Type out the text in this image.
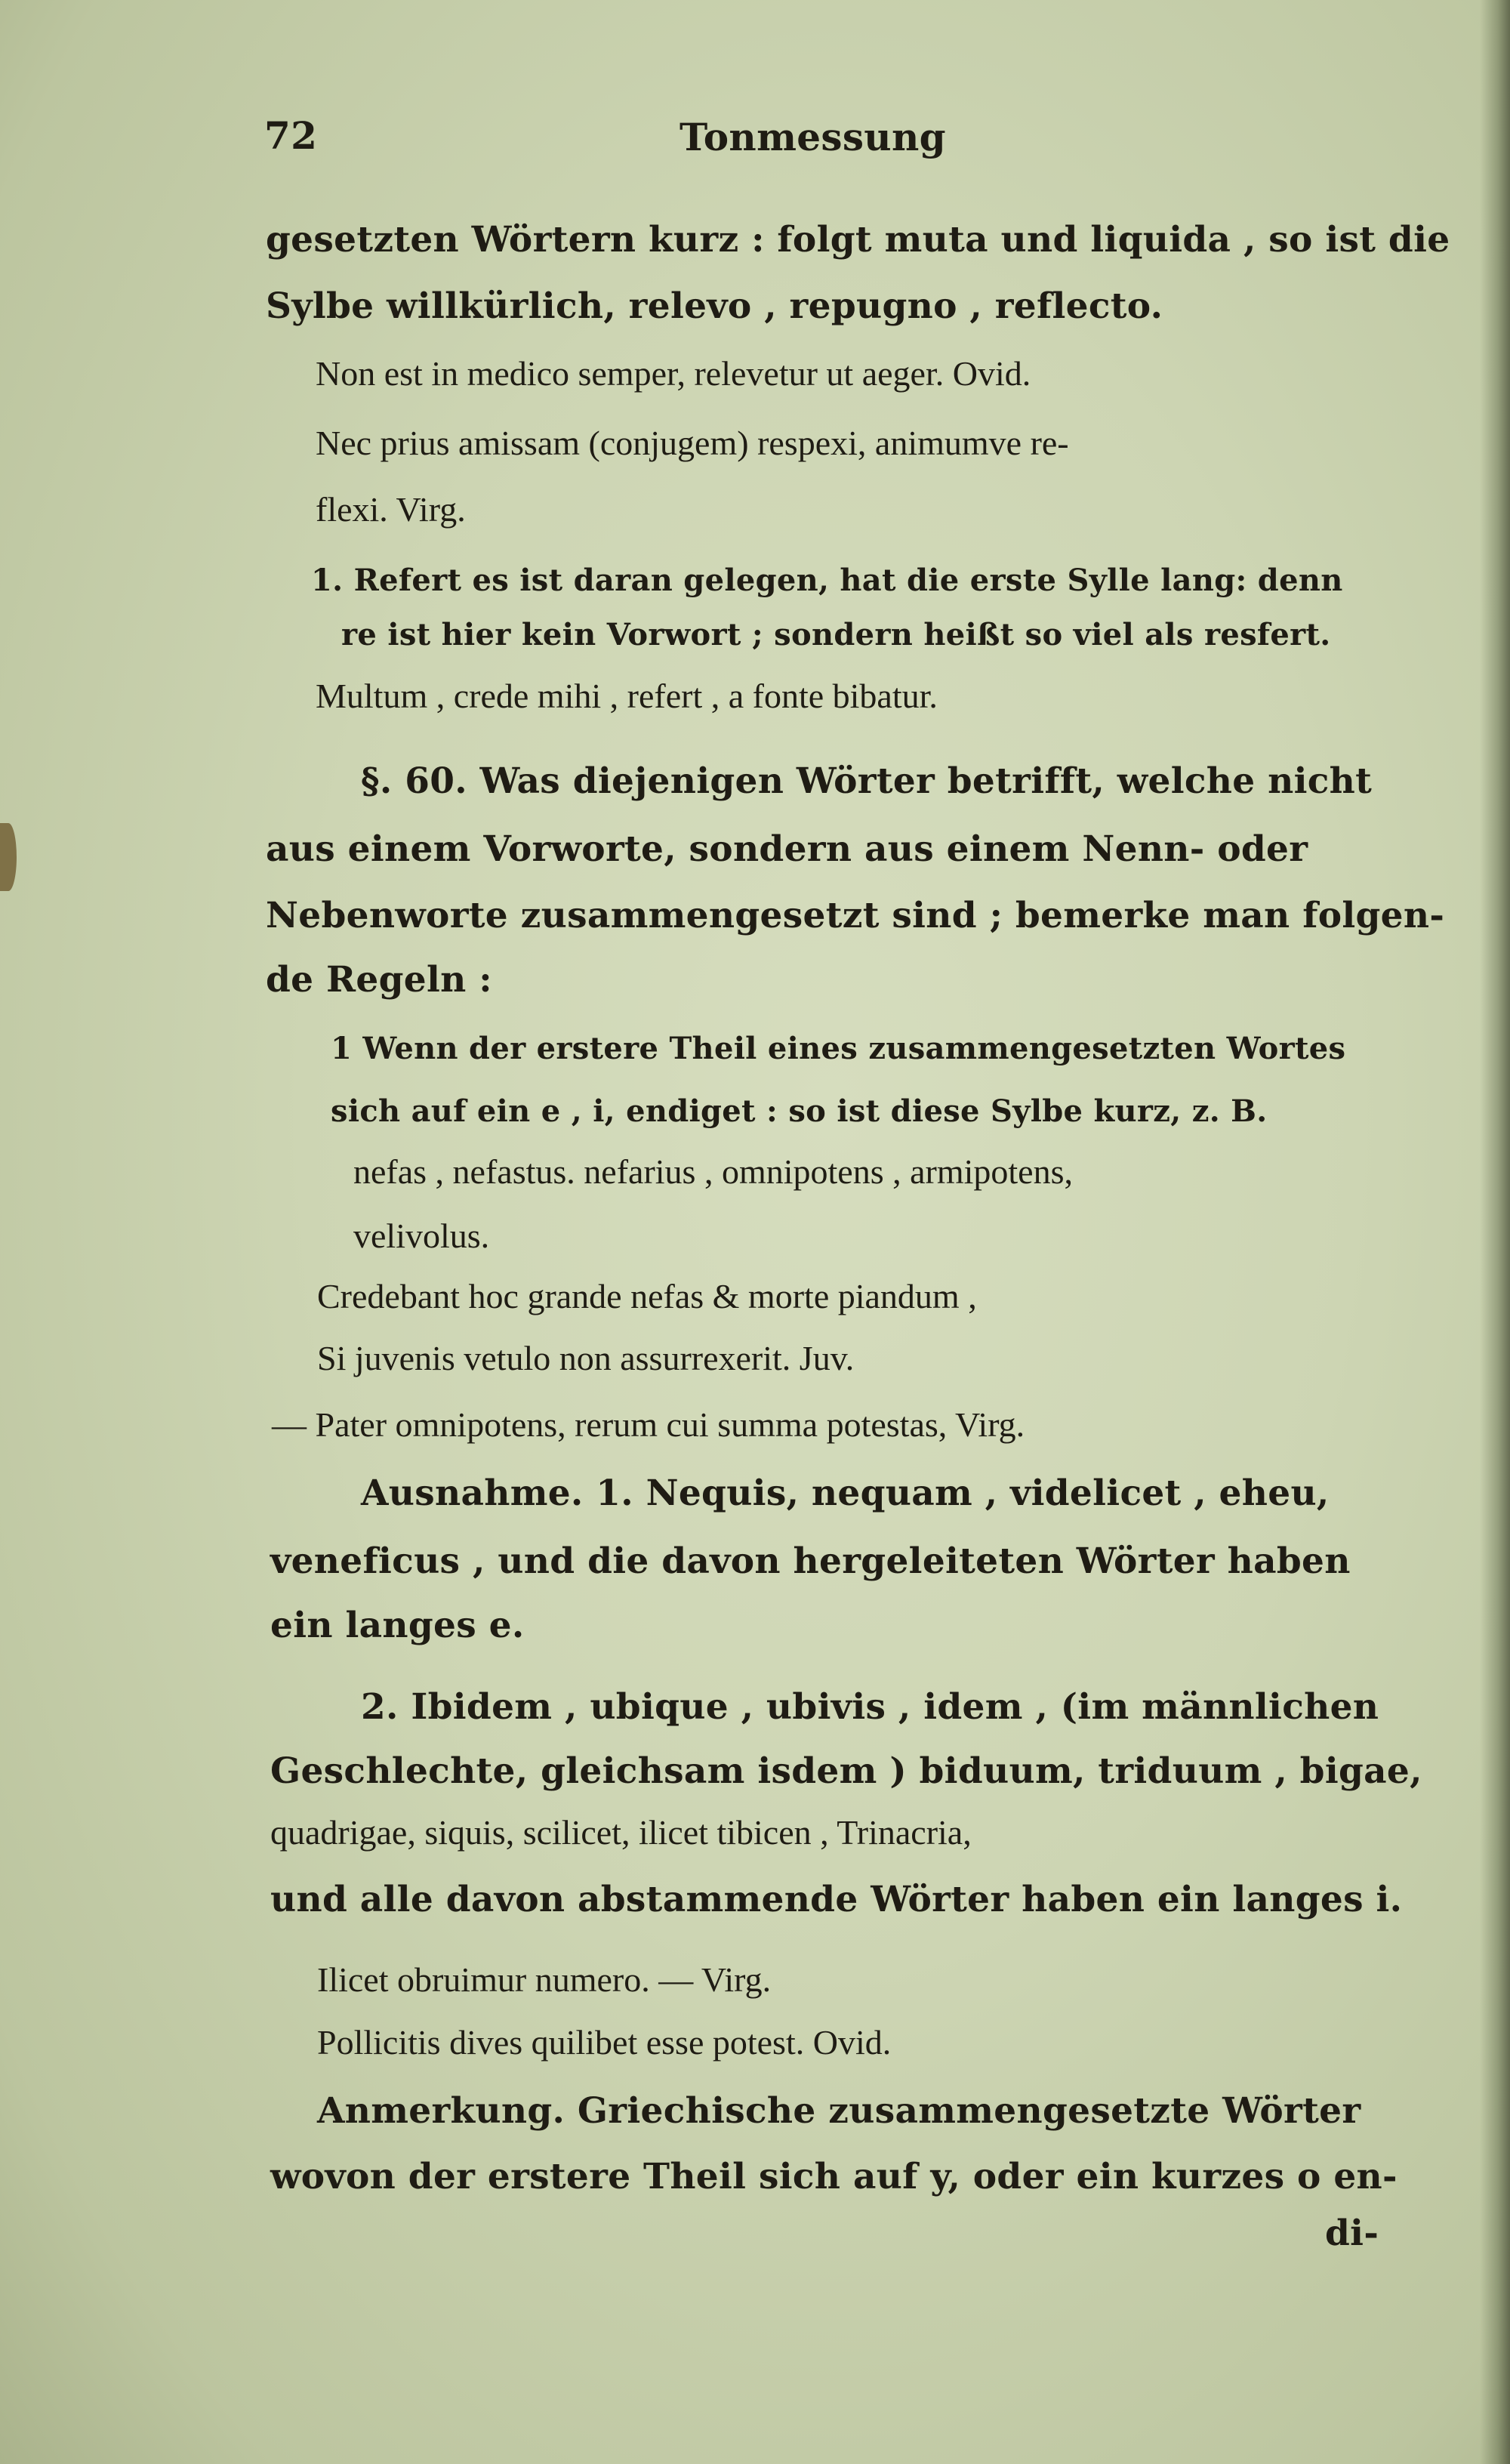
72	Tonmessung
gesetzten Wörtern kurz : folgt muta und liquida , so ist die
Sylbe willkürlich, relevo , repugno , reflecto.
Non est in medico semper, relevetur ut aeger. Ovid.
Nec prius amissam (conjugem) respexi, animumve re-
flexi. Virg.
1. Refert es ist daran gelegen, hat die erste Sylle lang: denn
re ist hier kein Vorwort ; sondern heißt so viel als resfert.
Multum , crede mihi , refert , a fonte bibatur.
§. 60. Was diejenigen Wörter betrifft, welche nicht
aus einem Vorworte, sondern aus einem Nenn- oder
Nebenworte zusammengesetzt sind ; bemerke man folgen-
de Regeln :
1 Wenn der erstere Theil eines zusammengesetzten Wortes
sich auf ein e , i, endiget : so ist diese Sylbe kurz, z. B.
nefas , nefastus. nefarius , omnipotens , armipotens,
velivolus.
Credebant hoc grande nefas & morte piandum ,
Si juvenis vetulo non assurrexerit. Juv.
— Pater omnipotens, rerum cui summa potestas, Virg.
Ausnahme. 1. Nequis, nequam , videlicet , eheu,
veneficus , und die davon hergeleiteten Wörter haben
ein langes e.
2. Ibidem , ubique , ubivis , idem , (im männlichen
Geschlechte, gleichsam isdem ) biduum, triduum , bigae,
quadrigae, siquis, scilicet, ilicet tibicen , Trinacria,
und alle davon abstammende Wörter haben ein langes i.
Ilicet obruimur numero. — Virg.
Pollicitis dives quilibet esse potest. Ovid.
Anmerkung. Griechische zusammengesetzte Wörter
wovon der erstere Theil sich auf y, oder ein kurzes o en-
di-
